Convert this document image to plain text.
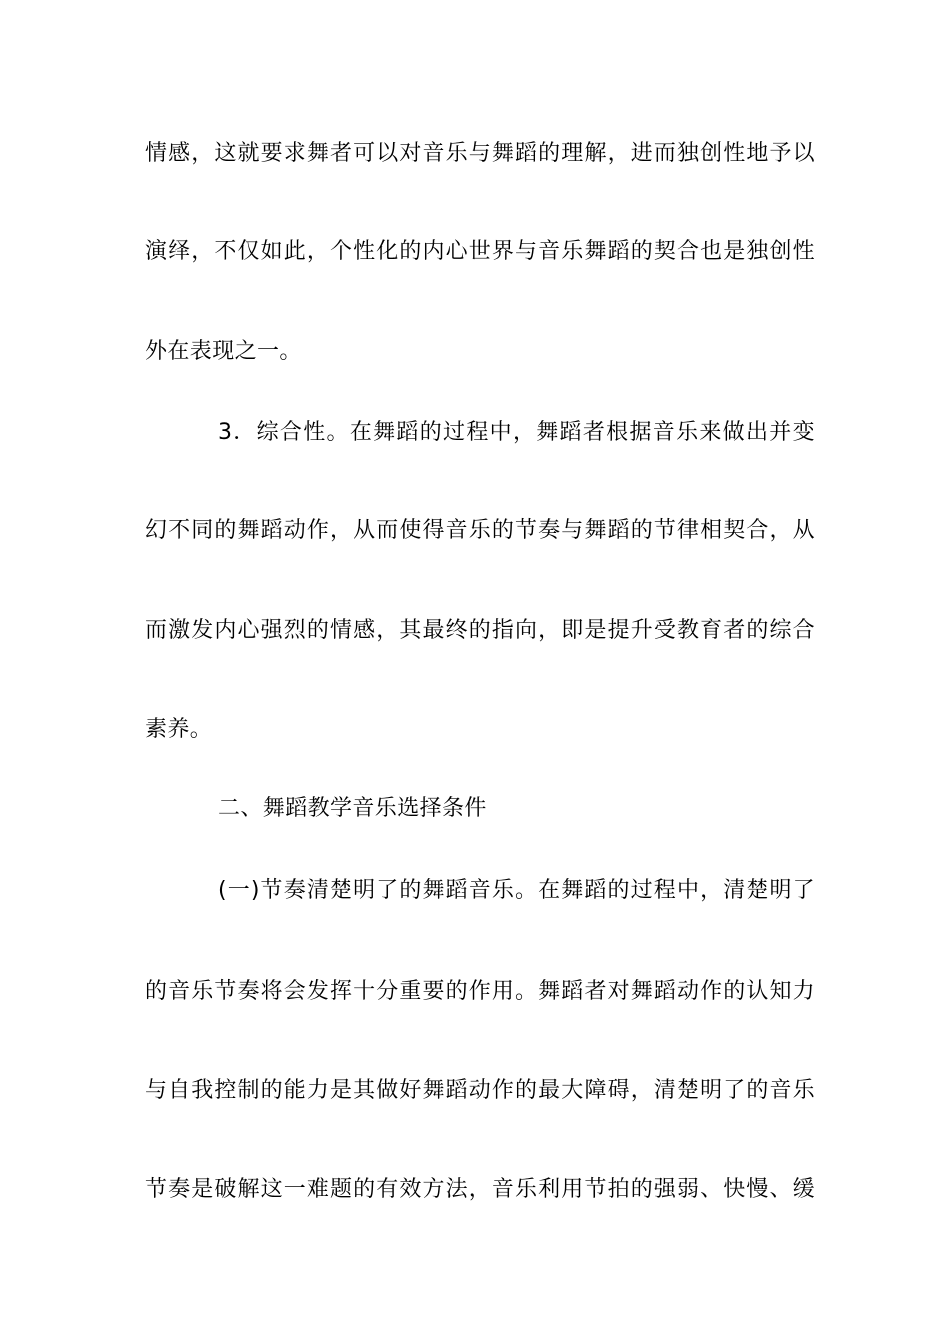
情感，这就要求舞者可以对音乐与舞蹈的理解，进而独创性地予以
演绎，不仅如此，个性化的内心世界与音乐舞蹈的契合也是独创性
外在表现之一。
3．综合性。在舞蹈的过程中，舞蹈者根据音乐来做出并变
幻不同的舞蹈动作，从而使得音乐的节奏与舞蹈的节律相契合，从
而激发内心强烈的情感，其最终的指向，即是提升受教育者的综合
素养。
二、舞蹈教学音乐选择条件
(一)节奏清楚明了的舞蹈音乐。在舞蹈的过程中，清楚明了
的音乐节奏将会发挥十分重要的作用。舞蹈者对舞蹈动作的认知力
与自我控制的能力是其做好舞蹈动作的最大障碍，清楚明了的音乐
节奏是破解这一难题的有效方法，音乐利用节拍的强弱、快慢、缓
